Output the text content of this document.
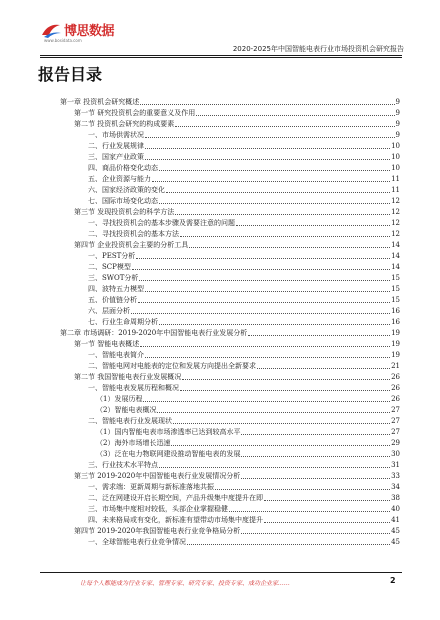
博思数据
www.bosidata.com
2020-2025年中国智能电表行业市场投资机会研究报告
报告目录
第一章 投资机会研究概述	9
第一节 研究投资机会的重要意义及作用	9
第二节 投资机会研究的构成要素	9
一、市场供需状况	9
二、行业发展规律	10
三、国家产业政策	10
四、商品价格变化动态	10
五、企业资源与能力	11
六、国家经济政策的变化	11
七、国际市场变化动态	12
第三节 发现投资机会的科学方法	12
一、寻找投资机会的基本步骤及需要注意的问题	12
二、寻找投资机会的基本方法	12
第四节 企业投资机会主要的分析工具	14
一、PEST分析	14
二、SCP模型	14
三、SWOT分析	15
四、波特五力模型	15
五、价值链分析	15
六、层面分析	16
七、行业生命周期分析	16
第二章 市场调研：2019-2020年中国智能电表行业发展分析	19
第一节 智能电表概述	19
一、智能电表简介	19
二、智能电网对电能表的定位和发展方向提出全新要求	21
第二节 我国智能电表行业发展概况	26
一、智能电表发展历程和概况	26
（1）发展历程	26
（2）智能电表概况	27
二、智能电表行业发展现状	27
（1）国内智能电表市场渗透率已达到较高水平	27
（2）海外市场增长迅速	29
（3）泛在电力物联网建设推动智能电表的发展	30
三、行业技术水平特点	31
第三节 2019-2020年中国智能电表行业发展情况分析	33
一、需求端：更新周期与新标准落地共振	34
二、泛在网建设开启长期空间，产品升级集中度提升在即	38
三、市场集中度相对较低，头部企业掌握稳健	40
四、未来格局或有变化，新标准有望带动市场集中度提升	41
第四节 2019-2020年我国智能电表行业竞争格局分析	45
一、全球智能电表行业竞争情况	45
让每个人都能成为行业专家、管理专家、研究专家、投资专家、成功企业家……	2
